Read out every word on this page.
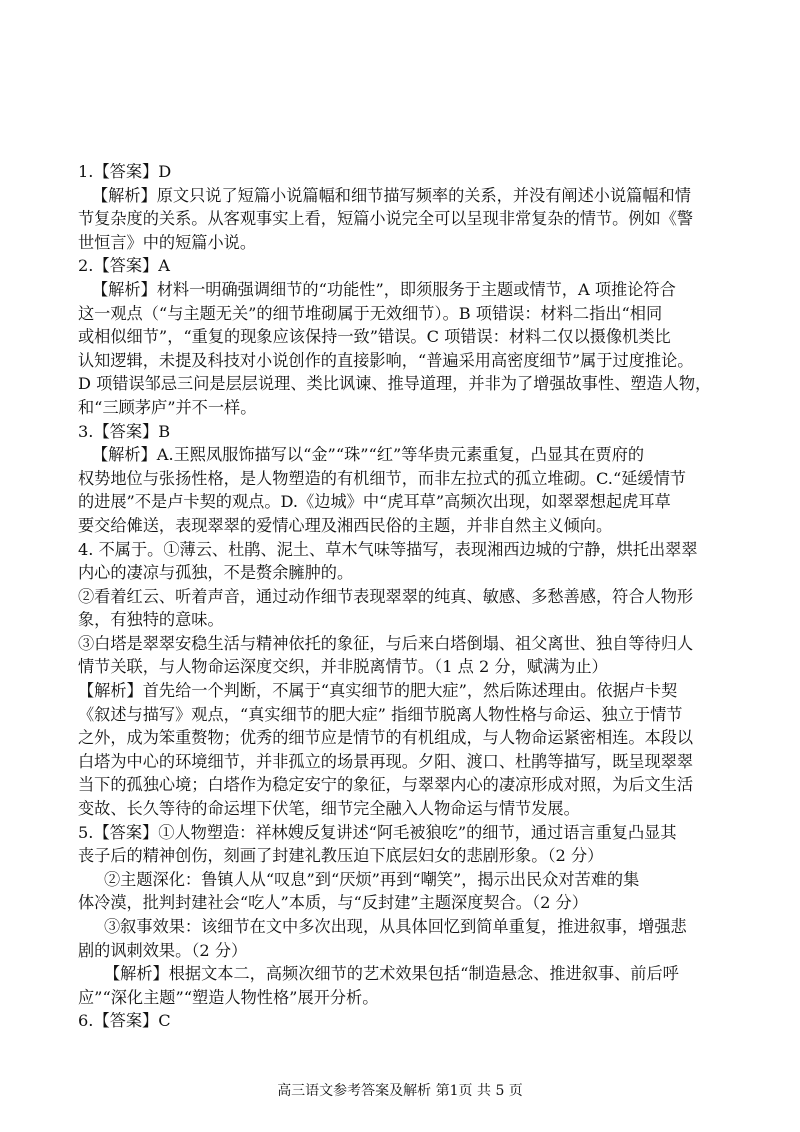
1.【答案】D
【解析】原文只说了短篇小说篇幅和细节描写频率的关系，并没有阐述小说篇幅和情
节复杂度的关系。从客观事实上看，短篇小说完全可以呈现非常复杂的情节。例如《警
世恒言》中的短篇小说。
2.【答案】A
【解析】材料一明确强调细节的“功能性”，即须服务于主题或情节，A 项推论符合
这一观点（“与主题无关”的细节堆砌属于无效细节）。B 项错误：材料二指出“相同
或相似细节”，“重复的现象应该保持一致”错误。C 项错误：材料二仅以摄像机类比
认知逻辑，未提及科技对小说创作的直接影响，“普遍采用高密度细节”属于过度推论。
D 项错误邹忌三问是层层说理、类比讽谏、推导道理，并非为了增强故事性、塑造人物，
和“三顾茅庐”并不一样。
3.【答案】B
【解析】A.王熙凤服饰描写以“金”“珠”“红”等华贵元素重复，凸显其在贾府的
权势地位与张扬性格，是人物塑造的有机细节，而非左拉式的孤立堆砌。C.“延缓情节
的进展”不是卢卡契的观点。D.《边城》中“虎耳草”高频次出现，如翠翠想起虎耳草
要交给傩送，表现翠翠的爱情心理及湘西民俗的主题，并非自然主义倾向。
4. 不属于。①薄云、杜鹃、泥土、草木气味等描写，表现湘西边城的宁静，烘托出翠翠
内心的凄凉与孤独，不是赘余臃肿的。
②看着红云、听着声音，通过动作细节表现翠翠的纯真、敏感、多愁善感，符合人物形
象，有独特的意味。
③白塔是翠翠安稳生活与精神依托的象征，与后来白塔倒塌、祖父离世、独自等待归人
情节关联，与人物命运深度交织，并非脱离情节。（1 点 2 分，赋满为止）
【解析】首先给一个判断，不属于“真实细节的肥大症”，然后陈述理由。依据卢卡契
《叙述与描写》观点，“真实细节的肥大症” 指细节脱离人物性格与命运、独立于情节
之外，成为笨重赘物；优秀的细节应是情节的有机组成，与人物命运紧密相连。本段以
白塔为中心的环境细节，并非孤立的场景再现。夕阳、渡口、杜鹃等描写，既呈现翠翠
当下的孤独心境；白塔作为稳定安宁的象征，与翠翠内心的凄凉形成对照，为后文生活
变故、长久等待的命运埋下伏笔，细节完全融入人物命运与情节发展。
5.【答案】①人物塑造：祥林嫂反复讲述“阿毛被狼吃”的细节，通过语言重复凸显其
丧子后的精神创伤，刻画了封建礼教压迫下底层妇女的悲剧形象。（2 分）
②主题深化：鲁镇人从“叹息”到“厌烦”再到“嘲笑”，揭示出民众对苦难的集
体冷漠，批判封建社会“吃人”本质，与“反封建”主题深度契合。（2 分）
③叙事效果：该细节在文中多次出现，从具体回忆到简单重复，推进叙事，增强悲
剧的讽刺效果。（2 分）
【解析】根据文本二，高频次细节的艺术效果包括“制造悬念、推进叙事、前后呼
应”“深化主题”“塑造人物性格”展开分析。
6.【答案】C
高三语文参考答案及解析 第1页 共 5 页
